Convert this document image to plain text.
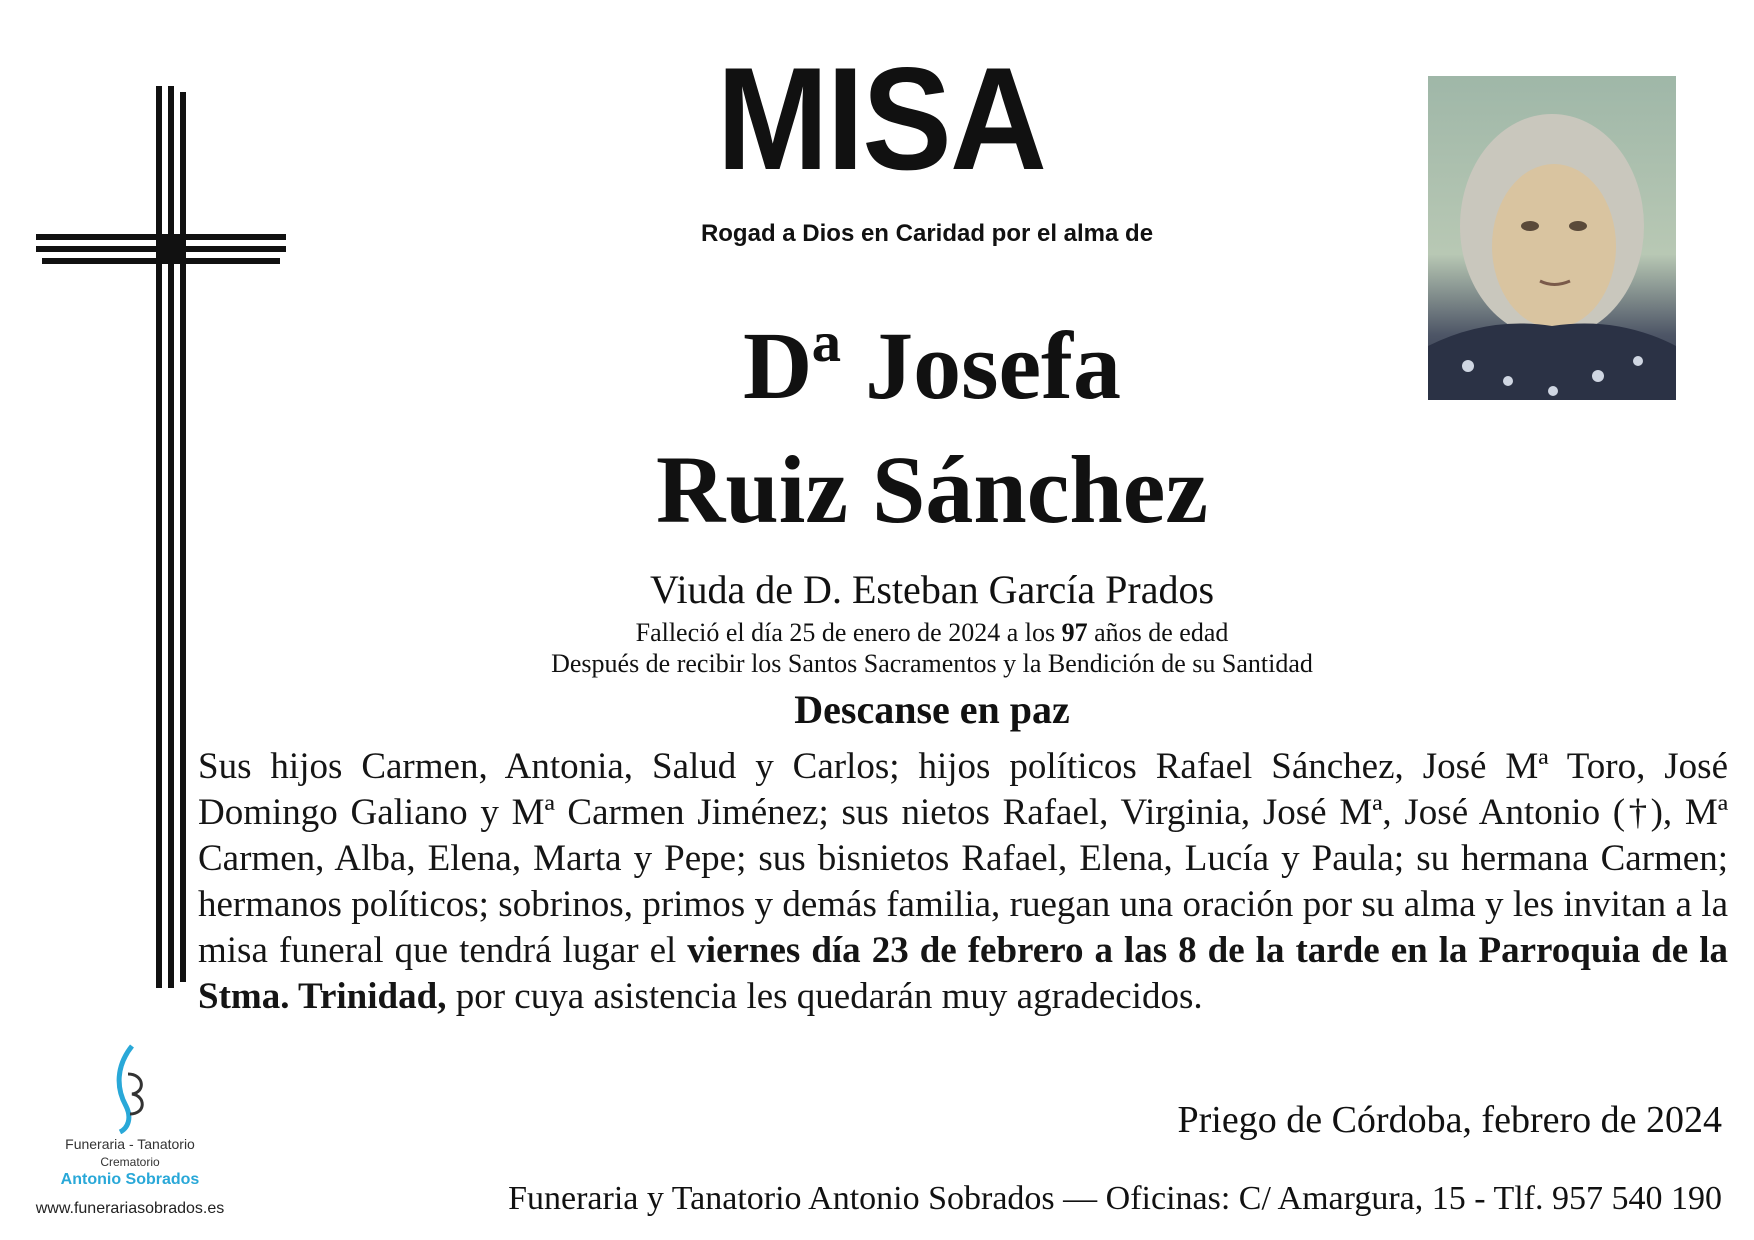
MISA
Rogad a Dios en Caridad por el alma de
Dª Josefa
Ruiz Sánchez
Viuda de D. Esteban García Prados
Falleció el día 25 de enero de 2024 a los 97 años de edad
Después de recibir los Santos Sacramentos y la Bendición de su Santidad
Descanse en paz
Sus hijos Carmen, Antonia, Salud y Carlos; hijos políticos Rafael Sánchez, José Mª Toro, José Domingo Galiano y Mª Carmen Jiménez; sus nietos Rafael, Virginia, José Mª, José Antonio (†), Mª Carmen, Alba, Elena, Marta y Pepe; sus bisnietos Rafael, Elena, Lucía y Paula; su hermana Carmen; hermanos políticos; sobrinos, primos y demás familia, ruegan una oración por su alma y les invitan a la misa funeral que tendrá lugar el viernes día 23 de febrero a las 8 de la tarde en la Parroquia de la Stma. Trinidad, por cuya asistencia les quedarán muy agradecidos.
Priego de Córdoba, febrero de 2024
Funeraria y Tanatorio Antonio Sobrados — Oficinas: C/ Amargura, 15 - Tlf. 957 540 190
Funeraria - Tanatorio
Crematorio
Antonio Sobrados
www.funerariasobrados.es
